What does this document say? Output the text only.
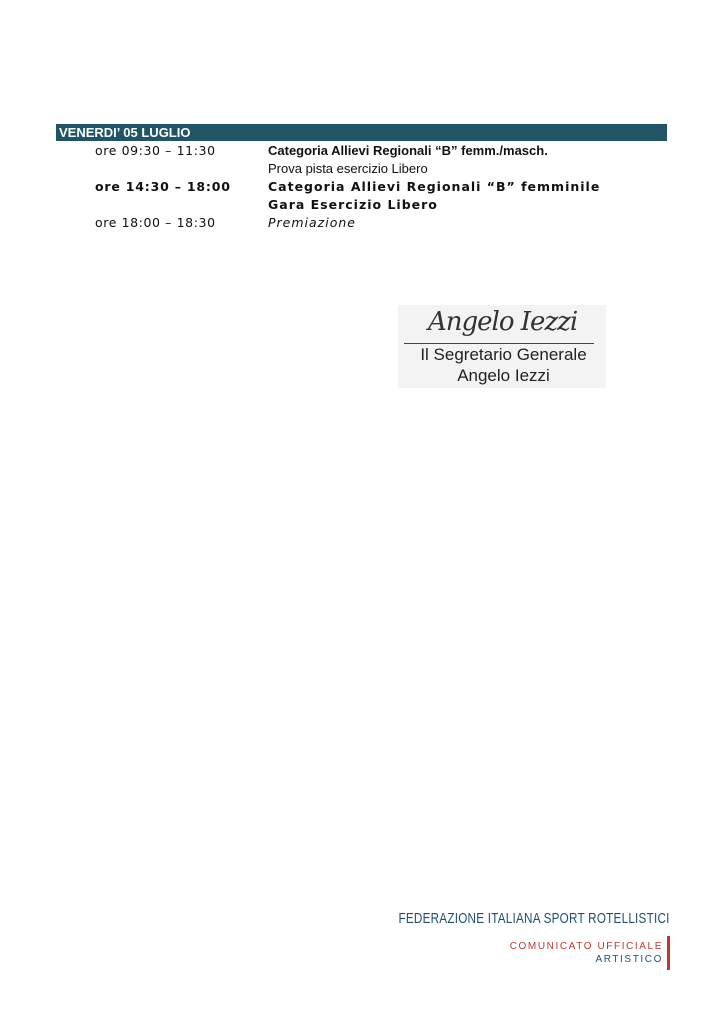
VENERDI’ 05 LUGLIO
ore 09:30 – 11:30	Categoria Allievi Regionali “B” femm./masch.
Prova pista esercizio Libero
ore 14:30 – 18:00	Categoria Allievi Regionali “B” femminile
Gara Esercizio Libero
ore 18:00 – 18:30	Premiazione
Angelo Iezzi
Il Segretario Generale
Angelo Iezzi
FEDERAZIONE ITALIANA SPORT ROTELLISTICI
COMUNICATO UFFICIALE
ARTISTICO
